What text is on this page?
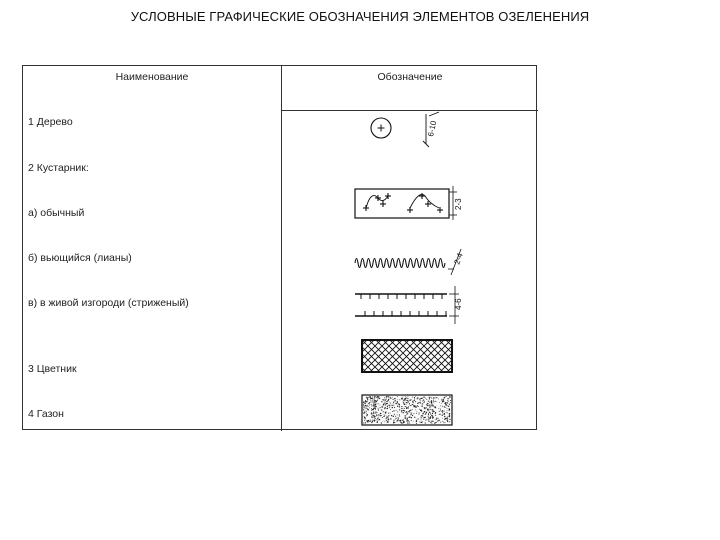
УСЛОВНЫЕ ГРАФИЧЕСКИЕ ОБОЗНАЧЕНИЯ ЭЛЕМЕНТОВ ОЗЕЛЕНЕНИЯ
Наименование	Обозначение
1 Дерево
2 Кустарник:
а) обычный
б) вьющийся (лианы)
в) в живой изгороди (стриженый)
3 Цветник
4 Газон
6-10
2-3
2-4
4-6
